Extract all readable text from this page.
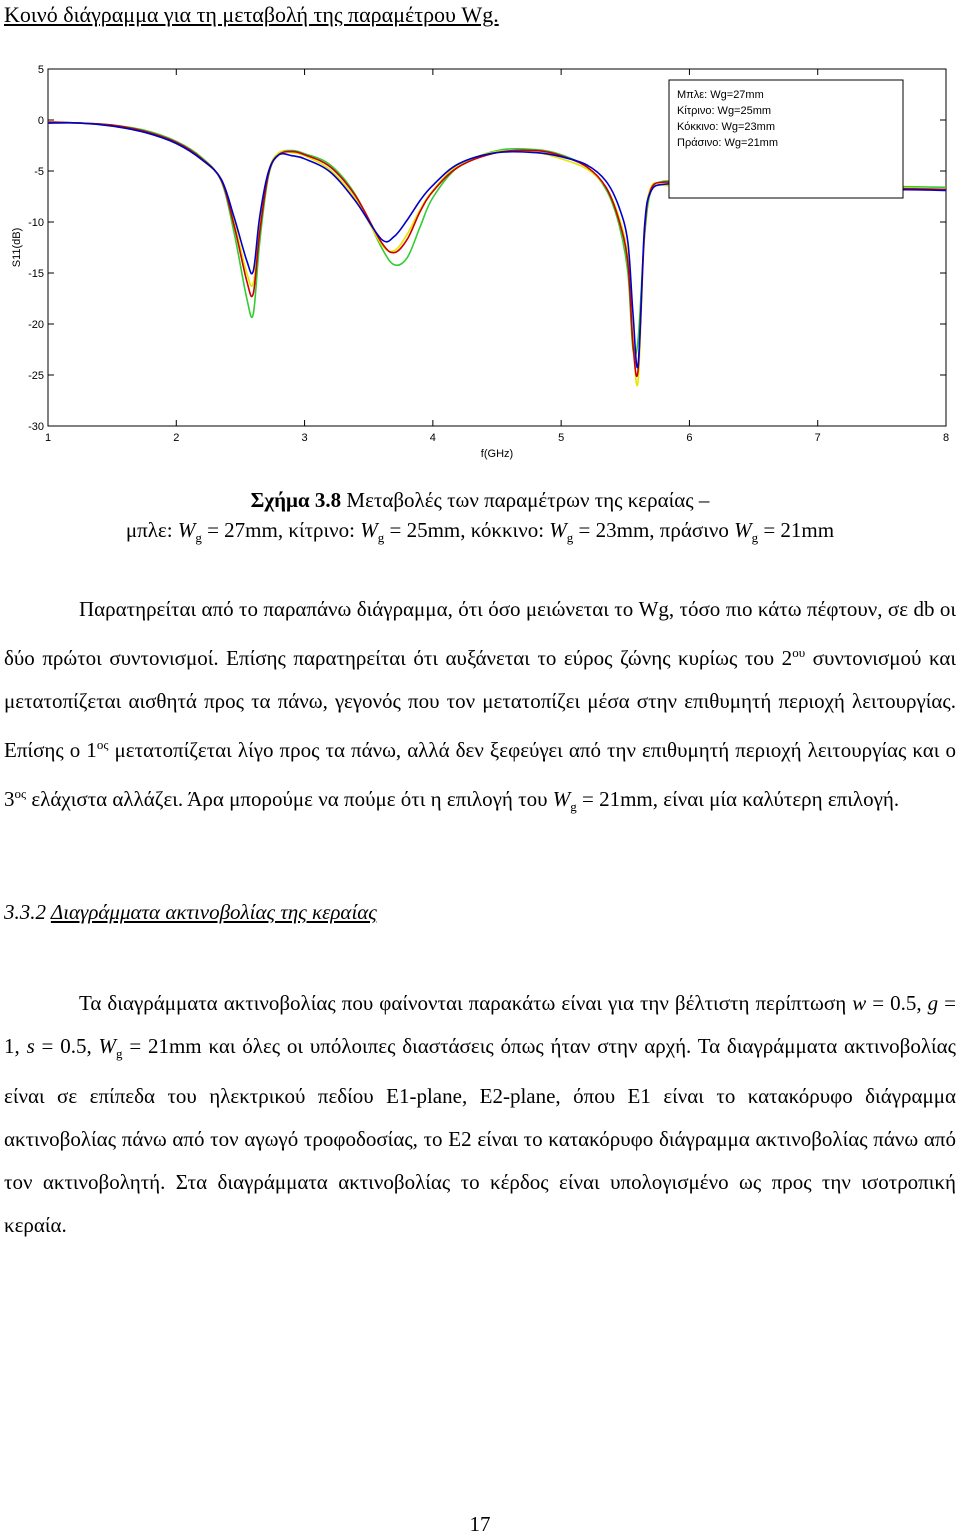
Κοινό διάγραμμα για τη μεταβολή της παραμέτρου Wg.
5
0
-5
-10
-15
-20
-25
-30
1	2	3	4	5	6	7	8
f(GHz)
S11(dB)
Μπλε: Wg=27mm
Κίτρινο: Wg=25mm
Κόκκινο: Wg=23mm
Πράσινο: Wg=21mm
Σχήμα 3.8 Μεταβολές των παραμέτρων της κεραίας –
μπλε: $W_g = 27mm$, κίτρινο: $W_g = 25mm$, κόκκινο: $W_g = 23mm$, πράσινο $W_g = 21mm$
Παρατηρείται από το παραπάνω διάγραμμα, ότι όσο μειώνεται το Wg, τόσο πιο κάτω πέφτουν, σε db οι δύο πρώτοι συντονισμοί. Επίσης παρατηρείται ότι αυξάνεται το εύρος ζώνης κυρίως του $2^{o\upsilon}$ συντονισμού και μετατοπίζεται αισθητά προς τα πάνω, γεγονός που τον μετατοπίζει μέσα στην επιθυμητή περιοχή λειτουργίας. Επίσης ο $1^{o\varsigma}$ μετατοπίζεται λίγο προς τα πάνω, αλλά δεν ξεφεύγει από την επιθυμητή περιοχή λειτουργίας και ο $3^{o\varsigma}$ ελάχιστα αλλάζει. Άρα μπορούμε να πούμε ότι η επιλογή του $W_g = 21mm$, είναι μία καλύτερη επιλογή.
3.3.2 Διαγράμματα ακτινοβολίας της κεραίας
Τα διαγράμματα ακτινοβολίας που φαίνονται παρακάτω είναι για την βέλτιστη περίπτωση w = 0.5, g = 1, s = 0.5, $W_g = 21mm$ και όλες οι υπόλοιπες διαστάσεις όπως ήταν στην αρχή. Τα διαγράμματα ακτινοβολίας είναι σε επίπεδα του ηλεκτρικού πεδίου E1-plane, E2-plane, όπου E1 είναι το κατακόρυφο διάγραμμα ακτινοβολίας πάνω από τον αγωγό τροφοδοσίας, το E2 είναι το κατακόρυφο διάγραμμα ακτινοβολίας πάνω από τον ακτινοβολητή. Στα διαγράμματα ακτινοβολίας το κέρδος είναι υπολογισμένο ως προς την ισοτροπική κεραία.
17
